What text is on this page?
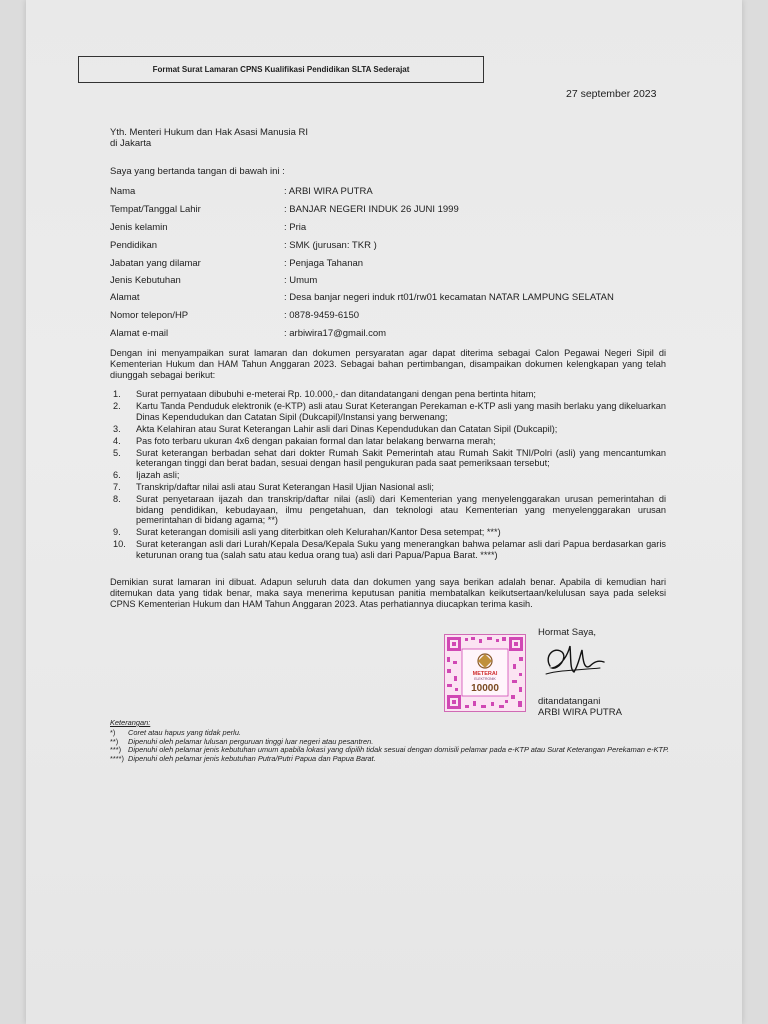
Format Surat Lamaran CPNS Kualifikasi Pendidikan SLTA Sederajat
27 september 2023
Yth. Menteri Hukum dan Hak Asasi Manusia RI
di Jakarta
Saya yang bertanda tangan di bawah ini :
Nama	: ARBI WIRA PUTRA
Tempat/Tanggal Lahir	: BANJAR NEGERI INDUK 26 JUNI 1999
Jenis kelamin	: Pria
Pendidikan	: SMK (jurusan: TKR )
Jabatan yang dilamar	: Penjaga Tahanan
Jenis Kebutuhan	: Umum
Alamat	: Desa banjar negeri induk rt01/rw01 kecamatan NATAR LAMPUNG SELATAN
Nomor telepon/HP	: 0878-9459-6150
Alamat e-mail	: arbiwira17@gmail.com
Dengan ini menyampaikan surat lamaran dan dokumen persyaratan agar dapat diterima sebagai Calon Pegawai Negeri Sipil di Kementerian Hukum dan HAM Tahun Anggaran 2023. Sebagai bahan pertimbangan, disampaikan dokumen kelengkapan yang telah diunggah sebagai berikut:
1. Surat pernyataan dibubuhi e-meterai Rp. 10.000,- dan ditandatangani dengan pena bertinta hitam;
2. Kartu Tanda Penduduk elektronik (e-KTP) asli atau Surat Keterangan Perekaman e-KTP asli yang masih berlaku yang dikeluarkan Dinas Kependudukan dan Catatan Sipil (Dukcapil)/Instansi yang berwenang;
3. Akta Kelahiran atau Surat Keterangan Lahir asli dari Dinas Kependudukan dan Catatan Sipil (Dukcapil);
4. Pas foto terbaru ukuran 4x6 dengan pakaian formal dan latar belakang berwarna merah;
5. Surat keterangan berbadan sehat dari dokter Rumah Sakit Pemerintah atau Rumah Sakit TNI/Polri (asli) yang mencantumkan keterangan tinggi dan berat badan, sesuai dengan hasil pengukuran pada saat pemeriksaan tersebut;
6. Ijazah asli;
7. Transkrip/daftar nilai asli atau Surat Keterangan Hasil Ujian Nasional asli;
8. Surat penyetaraan ijazah dan transkrip/daftar nilai (asli) dari Kementerian yang menyelenggarakan urusan pemerintahan di bidang pendidikan, kebudayaan, ilmu pengetahuan, dan teknologi atau Kementerian yang menyelenggarakan urusan pemerintahan di bidang agama; **)
9. Surat keterangan domisili asli yang diterbitkan oleh Kelurahan/Kantor Desa setempat; ***)
10. Surat keterangan asli dari Lurah/Kepala Desa/Kepala Suku yang menerangkan bahwa pelamar asli dari Papua berdasarkan garis keturunan orang tua (salah satu atau kedua orang tua) asli dari Papua/Papua Barat. ****)
Demikian surat lamaran ini dibuat. Adapun seluruh data dan dokumen yang saya berikan adalah benar. Apabila di kemudian hari ditemukan data yang tidak benar, maka saya menerima keputusan panitia membatalkan keikutsertaan/kelulusan saya pada seleksi CPNS Kementerian Hukum dan HAM Tahun Anggaran 2023. Atas perhatiannya diucapkan terima kasih.
Hormat Saya,
METERAI
ELEKTRONIK
10000
ditandatangani
ARBI WIRA PUTRA
Keterangan:
*) Coret atau hapus yang tidak perlu.
**) Dipenuhi oleh pelamar lulusan perguruan tinggi luar negeri atau pesantren.
***) Dipenuhi oleh pelamar jenis kebutuhan umum apabila lokasi yang dipilih tidak sesuai dengan domisili pelamar pada e-KTP atau Surat Keterangan Perekaman e-KTP.
****) Dipenuhi oleh pelamar jenis kebutuhan Putra/Putri Papua dan Papua Barat.
